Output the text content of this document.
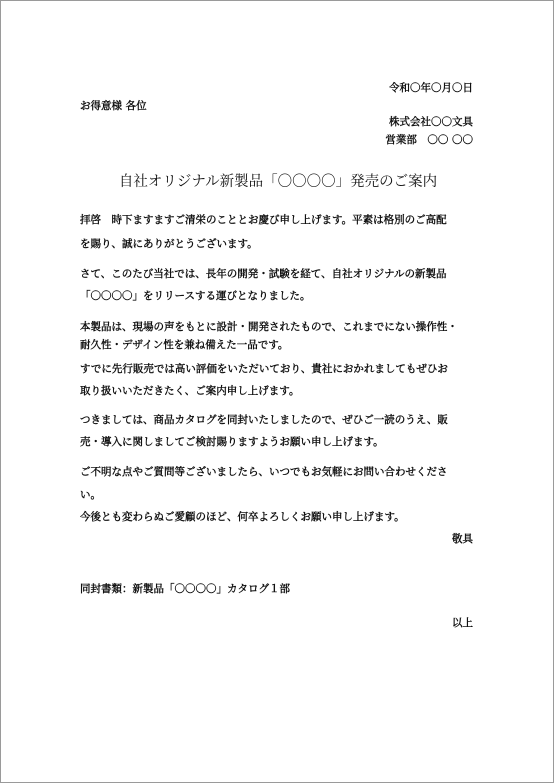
令和〇年〇月〇日
お得意様 各位
株式会社〇〇文具
営業部　〇〇 〇〇
自社オリジナル新製品「〇〇〇〇」発売のご案内
拝啓　時下ますますご清栄のこととお慶び申し上げます。平素は格別のご高配
を賜り、誠にありがとうございます。
さて、このたび当社では、長年の開発・試験を経て、自社オリジナルの新製品
「〇〇〇〇」をリリースする運びとなりました。
本製品は、現場の声をもとに設計・開発されたもので、これまでにない操作性・
耐久性・デザイン性を兼ね備えた一品です。
すでに先行販売では高い評価をいただいており、貴社におかれましてもぜひお
取り扱いいただきたく、ご案内申し上げます。
つきましては、商品カタログを同封いたしましたので、ぜひご一読のうえ、販
売・導入に関しましてご検討賜りますようお願い申し上げます。
ご不明な点やご質問等ございましたら、いつでもお気軽にお問い合わせくださ
い。
今後とも変わらぬご愛顧のほど、何卒よろしくお願い申し上げます。
敬具
同封書類：新製品「〇〇〇〇」カタログ１部
以上
